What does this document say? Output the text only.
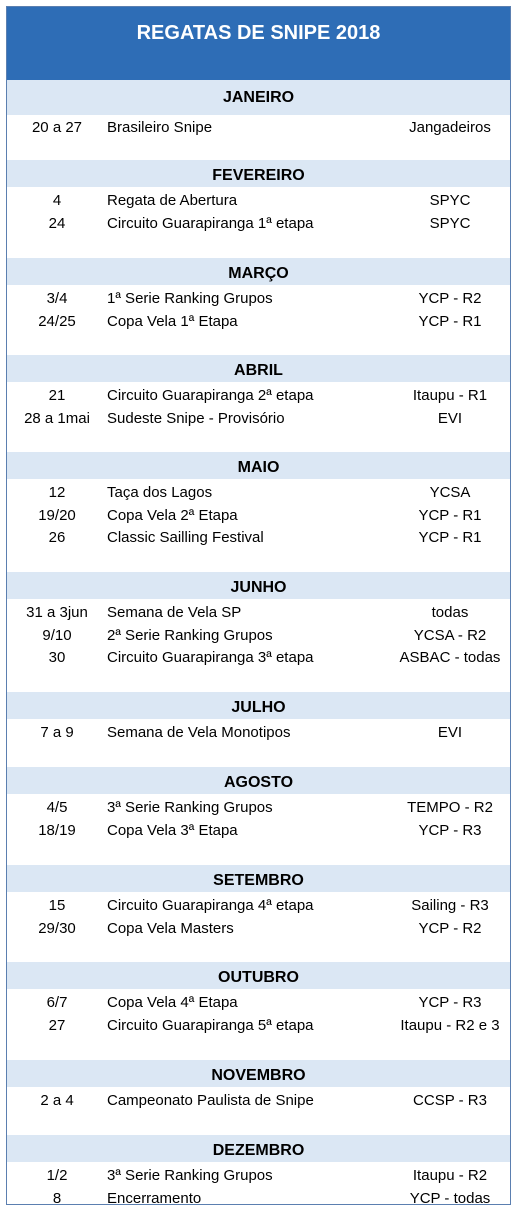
REGATAS DE SNIPE 2018
JANEIRO
20 a 27	Brasileiro Snipe	Jangadeiros
FEVEREIRO
4	Regata de Abertura	SPYC
24	Circuito Guarapiranga 1ª etapa	SPYC
MARÇO
3/4	1ª Serie Ranking Grupos	YCP - R2
24/25	Copa Vela 1ª Etapa	YCP - R1
ABRIL
21	Circuito Guarapiranga 2ª etapa	Itaupu - R1
28 a 1mai	Sudeste Snipe - Provisório	EVI
MAIO
12	Taça dos Lagos	YCSA
19/20	Copa Vela 2ª Etapa	YCP - R1
26	Classic Sailling Festival	YCP - R1
JUNHO
31 a 3jun	Semana de Vela SP	todas
9/10	2ª Serie Ranking Grupos	YCSA - R2
30	Circuito Guarapiranga 3ª etapa	ASBAC - todas
JULHO
7 a 9	Semana de Vela Monotipos	EVI
AGOSTO
4/5	3ª Serie Ranking Grupos	TEMPO - R2
18/19	Copa Vela 3ª Etapa	YCP - R3
SETEMBRO
15	Circuito Guarapiranga 4ª etapa	Sailing - R3
29/30	Copa Vela Masters	YCP - R2
OUTUBRO
6/7	Copa Vela 4ª Etapa	YCP - R3
27	Circuito Guarapiranga 5ª etapa	Itaupu - R2 e 3
NOVEMBRO
2 a 4	Campeonato Paulista de Snipe	CCSP - R3
DEZEMBRO
1/2	3ª Serie Ranking Grupos	Itaupu - R2
8	Encerramento	YCP - todas
